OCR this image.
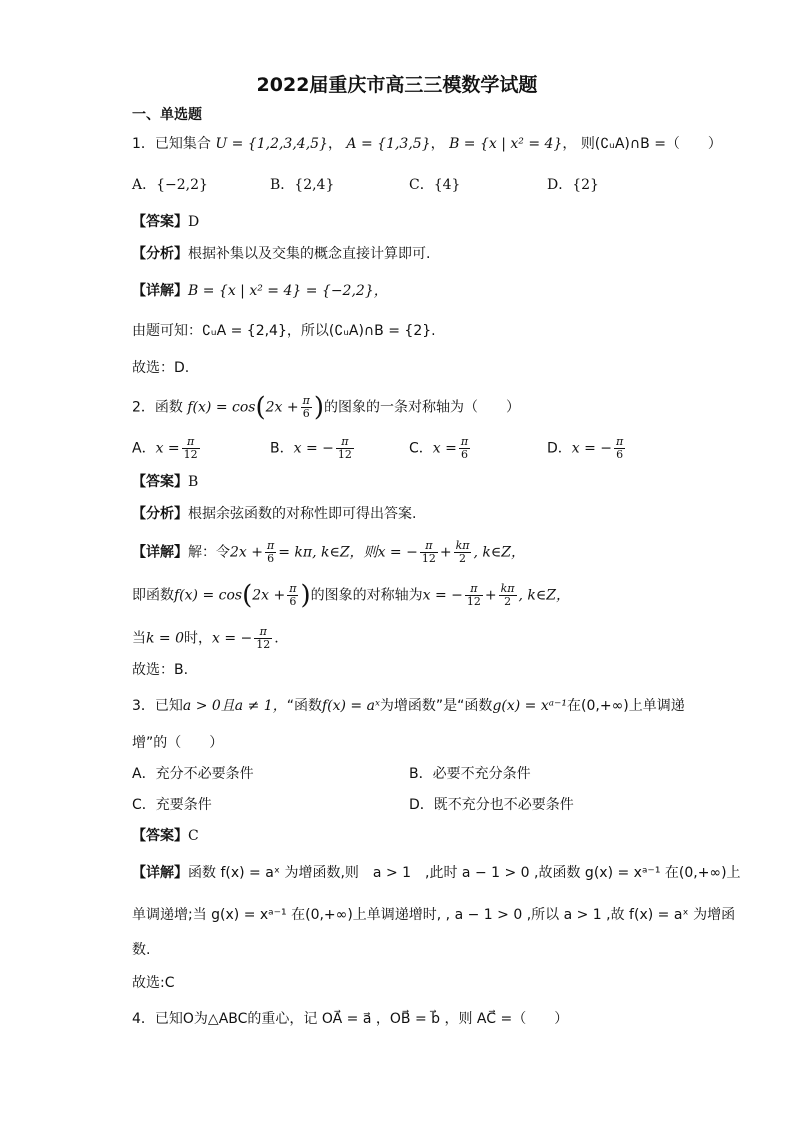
2022届重庆市高三三模数学试题
一、单选题
1．已知集合 U = {1,2,3,4,5}， A = {1,3,5}， B = {x | x² = 4}， 则(∁ᵤA)∩B =（　　）
A．{−2,2}	B．{2,4}	C．{4}	D．{2}
【答案】D
【分析】根据补集以及交集的概念直接计算即可.
【详解】B = {x | x² = 4} = {−2,2}，
由题可知：∁ᵤA = {2,4}，所以(∁ᵤA)∩B = {2}.
故选：D.
2．函数 $f(x) = \cos(2x + \frac{\pi}{6}$ )的图象的一条对称轴为（　　）
A．$x = \frac{\pi}{12}$	B．x = − $\frac{\pi}{12}$	C．$x = \frac{\pi}{6}$	D．x = − $\frac{\pi}{6}$
【答案】B
【分析】根据余弦函数的对称性即可得出答案.
【详解】解：令$2x + \frac{\pi}{6} = k\pi$, k∈Z，则x = − $\frac{\pi}{12} + \frac{k\pi}{2}$ , k∈Z，
即函数$f(x) = \cos(2x + \frac{\pi}{6}$ )的图象的对称轴为x = − $\frac{\pi}{12} + \frac{k\pi}{2}$ , k∈Z，
当k = 0时，x = − $\frac{\pi}{12}$ .
故选：B.
3．已知a > 0且a ≠ 1，“函数f(x) = aˣ为增函数”是“函数g(x) = xᵃ⁻¹在(0,+∞)上单调递
增”的（　　）
A．充分不必要条件	B．必要不充分条件
C．充要条件	D．既不充分也不必要条件
【答案】C
【详解】函数 f(x) = aˣ 为增函数,则　a > 1　,此时 a − 1 > 0 ,故函数 g(x) = xᵃ⁻¹ 在(0,+∞)上
单调递增;当 g(x) = xᵃ⁻¹ 在(0,+∞)上单调递增时, , a − 1 > 0 ,所以 a > 1 ,故 f(x) = aˣ 为增函
数.
故选:C
4．已知O为△ABC的重心，记 OA⃗ = a⃗ ，OB⃗ = b⃗ ，则 AC⃗ =（　　）
